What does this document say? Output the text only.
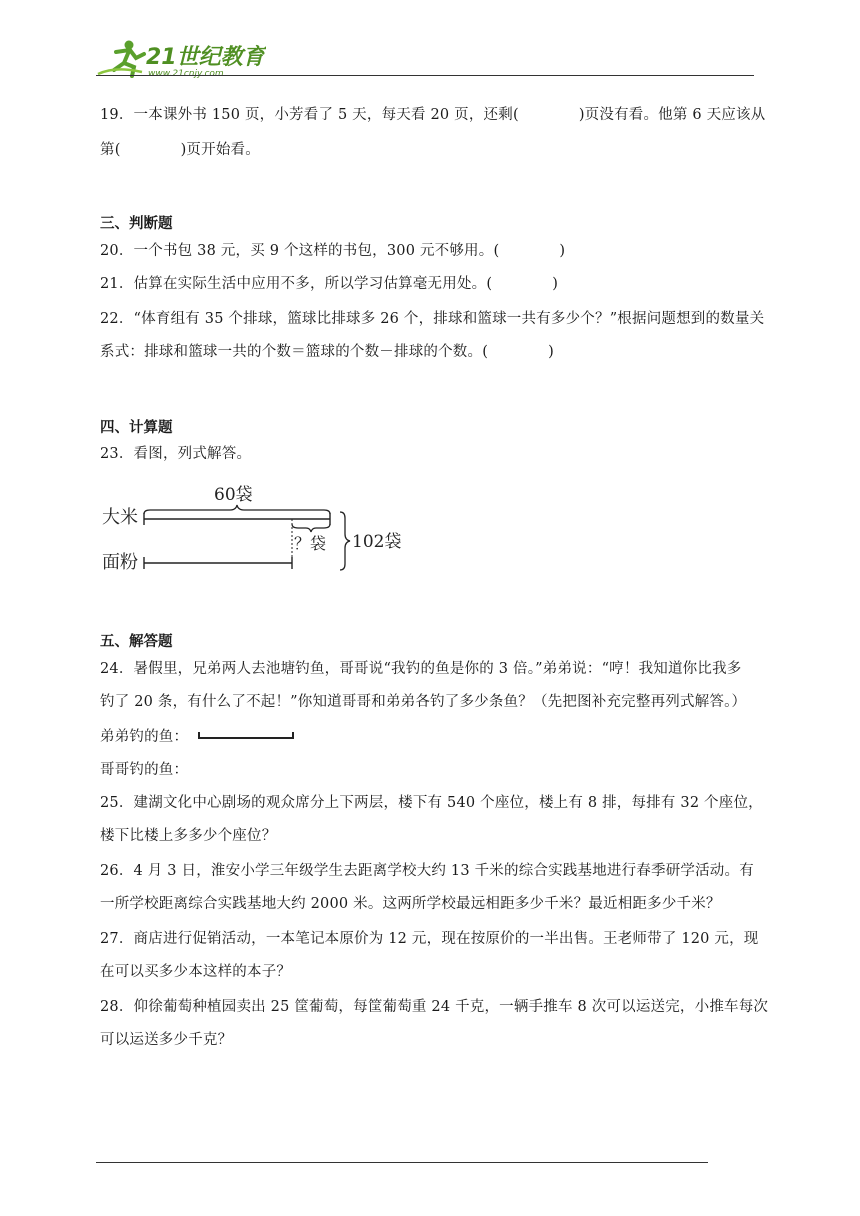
21世纪教育
www.21cnjy.com
19．一本课外书 150 页，小芳看了 5 天，每天看 20 页，还剩(	)页没有看。他第 6 天应该从
第(	)页开始看。
三、判断题
20．一个书包 38 元，买 9 个这样的书包，300 元不够用。(	)
21．估算在实际生活中应用不多，所以学习估算毫无用处。(	)
22．“体育组有 35 个排球，篮球比排球多 26 个，排球和篮球一共有多少个？”根据问题想到的数量关
系式：排球和篮球一共的个数＝篮球的个数－排球的个数。(	)
四、计算题
23．看图，列式解答。
大米
面粉
60袋
？袋 102袋
五、解答题
24．暑假里，兄弟两人去池塘钓鱼，哥哥说“我钓的鱼是你的 3 倍。”弟弟说：“哼！我知道你比我多
钓了 20 条，有什么了不起！”你知道哥哥和弟弟各钓了多少条鱼？（先把图补充完整再列式解答。）
弟弟钓的鱼：
哥哥钓的鱼：
25．建湖文化中心剧场的观众席分上下两层，楼下有 540 个座位，楼上有 8 排，每排有 32 个座位，
楼下比楼上多多少个座位？
26．4 月 3 日，淮安小学三年级学生去距离学校大约 13 千米的综合实践基地进行春季研学活动。有
一所学校距离综合实践基地大约 2000 米。这两所学校最远相距多少千米？最近相距多少千米？
27．商店进行促销活动，一本笔记本原价为 12 元，现在按原价的一半出售。王老师带了 120 元，现
在可以买多少本这样的本子？
28．仰徐葡萄种植园卖出 25 筐葡萄，每筐葡萄重 24 千克，一辆手推车 8 次可以运送完，小推车每次
可以运送多少千克？
